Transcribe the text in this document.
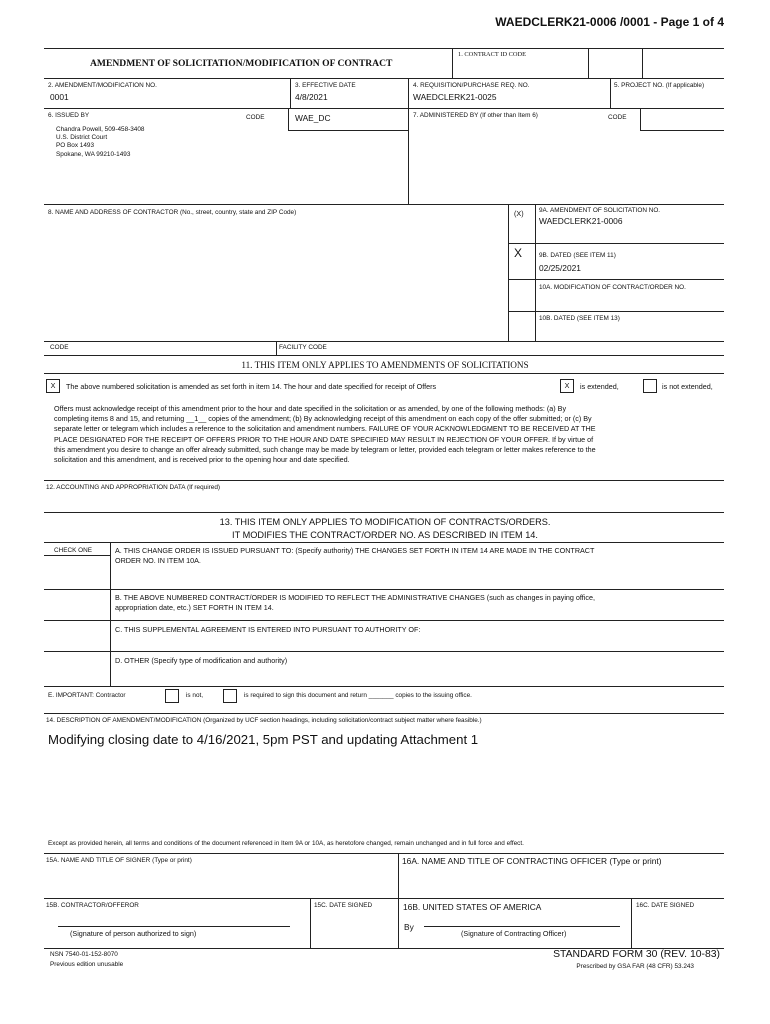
WAEDCLERK21-0006 /0001 - Page 1 of 4
AMENDMENT OF SOLICITATION/MODIFICATION OF CONTRACT
1. CONTRACT ID CODE
2. AMENDMENT/MODIFICATION NO.
0001
3. EFFECTIVE DATE
4/8/2021
4. REQUISITION/PURCHASE REQ. NO.
WAEDCLERK21-0025
5. PROJECT NO. (If applicable)
6. ISSUED BY	CODE	WAE_DC
Chandra Powell, 509-458-3408
U.S. District Court
PO Box 1493
Spokane, WA 99210-1493
7. ADMINISTERED BY (If other than Item 6)	CODE
8. NAME AND ADDRESS OF CONTRACTOR (No., street, country, state and ZIP Code)	(X)
X
9A. AMENDMENT OF SOLICITATION NO.
WAEDCLERK21-0006
9B. DATED (SEE ITEM 11)
02/25/2021
10A. MODIFICATION OF CONTRACT/ORDER NO.
10B. DATED (SEE ITEM 13)
CODE	FACILITY CODE
11. THIS ITEM ONLY APPLIES TO AMENDMENTS OF SOLICITATIONS
X	The above numbered solicitation is amended as set forth in item 14. The hour and date specified for receipt of Offers	X	is extended,	is not extended,
Offers must acknowledge receipt of this amendment prior to the hour and date specified in the solicitation or as amended, by one of the following methods: (a) By
completing items 8 and 15, and returning __1__ copies of the amendment; (b) By acknowledging receipt of this amendment on each copy of the offer submitted; or (c) By
separate letter or telegram which includes a reference to the solicitation and amendment numbers. FAILURE OF YOUR ACKNOWLEDGMENT TO BE RECEIVED AT THE
PLACE DESIGNATED FOR THE RECEIPT OF OFFERS PRIOR TO THE HOUR AND DATE SPECIFIED MAY RESULT IN REJECTION OF YOUR OFFER. If by virtue of
this amendment you desire to change an offer already submitted, such change may be made by telegram or letter, provided each telegram or letter makes reference to the
solicitation and this amendment, and is received prior to the opening hour and date specified.
12. ACCOUNTING AND APPROPRIATION DATA (If required)
13. THIS ITEM ONLY APPLIES TO MODIFICATION OF CONTRACTS/ORDERS.
IT MODIFIES THE CONTRACT/ORDER NO. AS DESCRIBED IN ITEM 14.
CHECK ONE	A. THIS CHANGE ORDER IS ISSUED PURSUANT TO: (Specify authority) THE CHANGES SET FORTH IN ITEM 14 ARE MADE IN THE CONTRACT
ORDER NO. IN ITEM 10A.
B. THE ABOVE NUMBERED CONTRACT/ORDER IS MODIFIED TO REFLECT THE ADMINISTRATIVE CHANGES (such as changes in paying office,
appropriation date, etc.) SET FORTH IN ITEM 14.
C. THIS SUPPLEMENTAL AGREEMENT IS ENTERED INTO PURSUANT TO AUTHORITY OF:
D. OTHER (Specify type of modification and authority)
E. IMPORTANT: Contractor	is not,	is required to sign this document and return _______ copies to the issuing office.
14. DESCRIPTION OF AMENDMENT/MODIFICATION (Organized by UCF section headings, including solicitation/contract subject matter where feasible.)
Modifying closing date to 4/16/2021, 5pm PST and updating Attachment 1
Except as provided herein, all terms and conditions of the document referenced in Item 9A or 10A, as heretofore changed, remain unchanged and in full force and effect.
15A. NAME AND TITLE OF SIGNER (Type or print)	16A. NAME AND TITLE OF CONTRACTING OFFICER (Type or print)
15B. CONTRACTOR/OFFEROR	15C. DATE SIGNED	16B. UNITED STATES OF AMERICA	16C. DATE SIGNED
(Signature of person authorized to sign)
By
(Signature of Contracting Officer)
NSN 7540-01-152-8070
Previous edition unusable
STANDARD FORM 30 (REV. 10-83)
Prescribed by GSA FAR (48 CFR) 53.243
